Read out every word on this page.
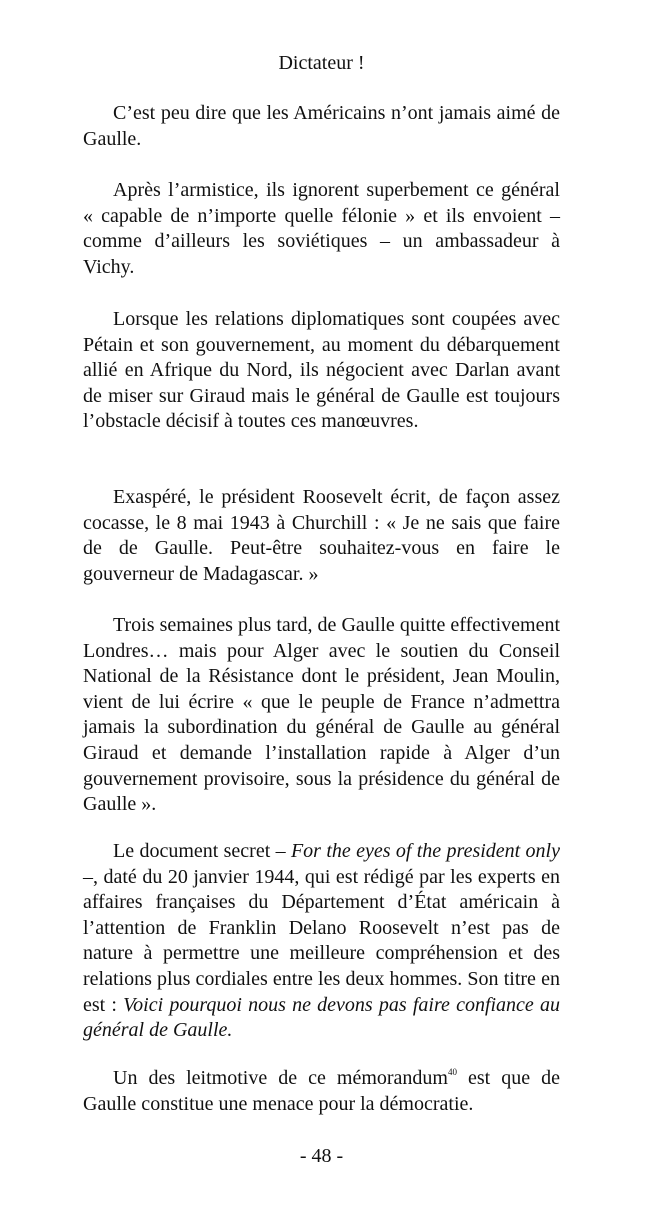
Dictateur !

C’est peu dire que les Américains n’ont jamais aimé de Gaulle.

Après l’armistice, ils ignorent superbement ce général « capable de n’importe quelle félonie » et ils envoient – comme d’ailleurs les soviétiques – un ambassadeur à Vichy.

Lorsque les relations diplomatiques sont coupées avec Pétain et son gouvernement, au moment du débarquement allié en Afrique du Nord, ils négocient avec Darlan avant de miser sur Giraud mais le général de Gaulle est toujours l’obstacle décisif à toutes ces manœuvres.

Exaspéré, le président Roosevelt écrit, de façon assez cocasse, le 8 mai 1943 à Churchill : « Je ne sais que faire de de Gaulle. Peut-être souhaitez-vous en faire le gouverneur de Madagascar. »

Trois semaines plus tard, de Gaulle quitte effectivement Londres… mais pour Alger avec le soutien du Conseil National de la Résistance dont le président, Jean Moulin, vient de lui écrire « que le peuple de France n’admettra jamais la subordination du général de Gaulle au général Giraud et demande l’installation rapide à Alger d’un gouvernement provisoire, sous la présidence du général de Gaulle ».

Le document secret – For the eyes of the president only –, daté du 20 janvier 1944, qui est rédigé par les experts en affaires françaises du Département d’État américain à l’attention de Franklin Delano Roosevelt n’est pas de nature à permettre une meilleure compréhension et des relations plus cordiales entre les deux hommes. Son titre en est : Voici pourquoi nous ne devons pas faire confiance au général de Gaulle.

Un des leitmotive de ce mémorandum$^{40}$ est que de Gaulle constitue une menace pour la démocratie.

- 48 -
